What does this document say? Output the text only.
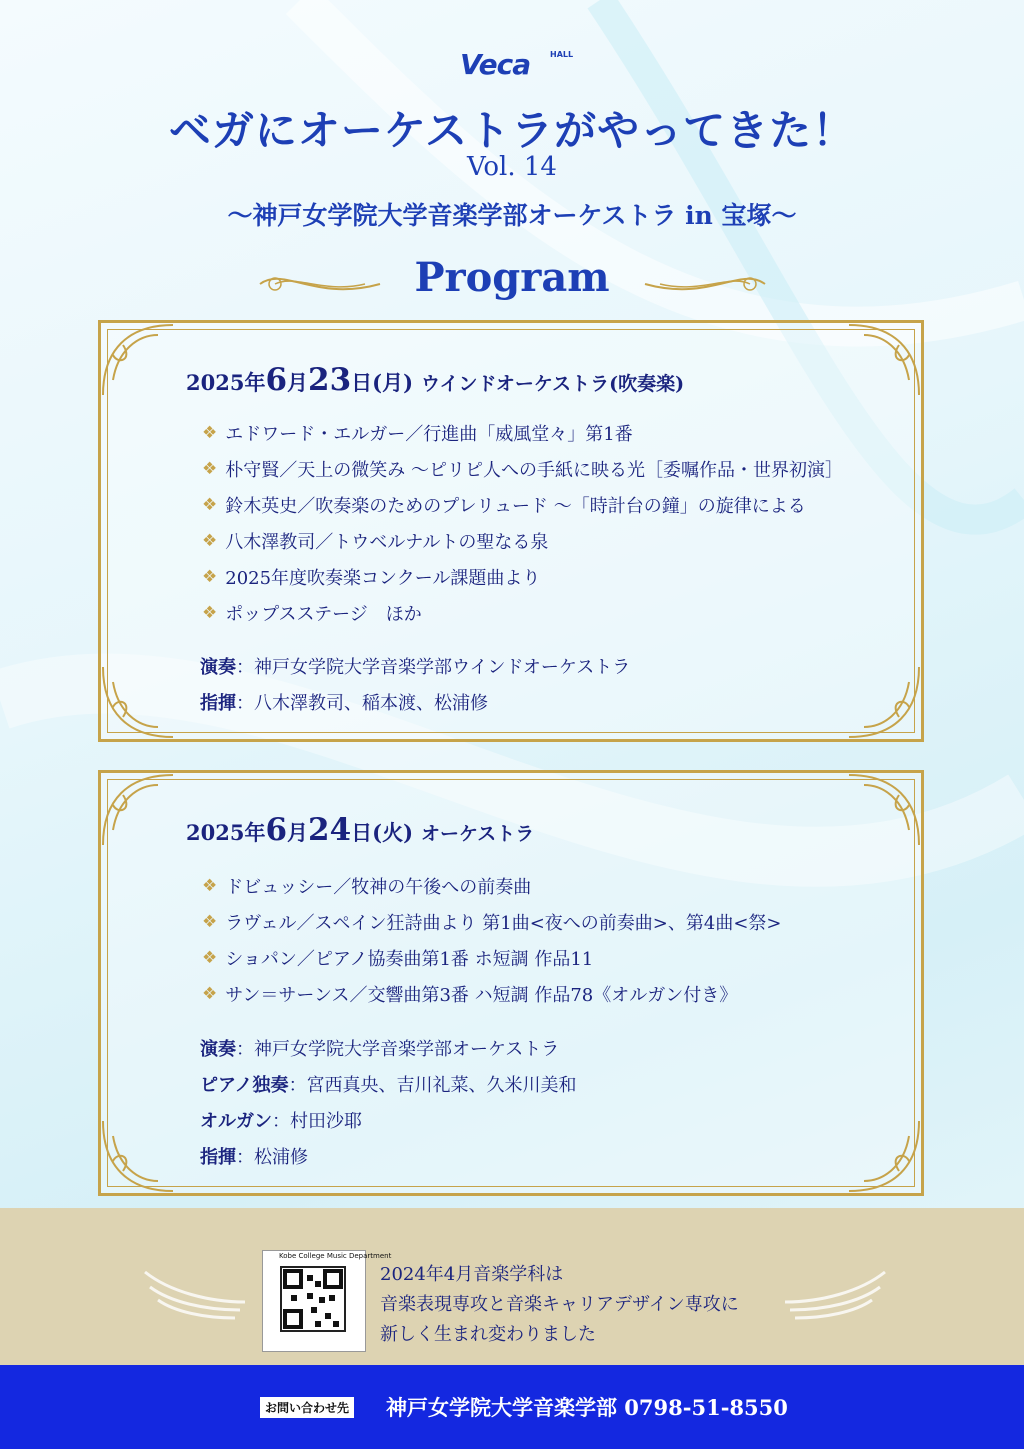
Veca HALL
ベガにオーケストラがやってきた！
Vol. 14
〜神戸女学院大学音楽学部オーケストラ in 宝塚〜
Program
2025年6月23日(月) ウインドオーケストラ(吹奏楽)
❖ エドワード・エルガー／行進曲「威風堂々」第1番
❖ 朴守賢／天上の微笑み 〜ピリピ人への手紙に映る光［委嘱作品・世界初演］
❖ 鈴木英史／吹奏楽のためのプレリュード 〜「時計台の鐘」の旋律による
❖ 八木澤教司／トウベルナルトの聖なる泉
❖ 2025年度吹奏楽コンクール課題曲より
❖ ポップスステージ　ほか
演奏 ：神戸女学院大学音楽学部ウインドオーケストラ
指揮 ：八木澤教司、稲本渡、松浦修
2025年6月24日(火) オーケストラ
❖ ドビュッシー／牧神の午後への前奏曲
❖ ラヴェル／スペイン狂詩曲より 第1曲<夜への前奏曲>、第4曲<祭>
❖ ショパン／ピアノ協奏曲第1番 ホ短調 作品11
❖ サン＝サーンス／交響曲第3番 ハ短調 作品78《オルガン付き》
演奏 ：神戸女学院大学音楽学部オーケストラ
ピアノ独奏 ：宮西真央、吉川礼菜、久米川美和
オルガン ：村田沙耶
指揮 ：松浦修
Kobe College Music Department
2024年4月音楽学科は
音楽表現専攻と音楽キャリアデザイン専攻に
新しく生まれ変わりました
お問い合わせ先 神戸女学院大学音楽学部 0798-51-8550
